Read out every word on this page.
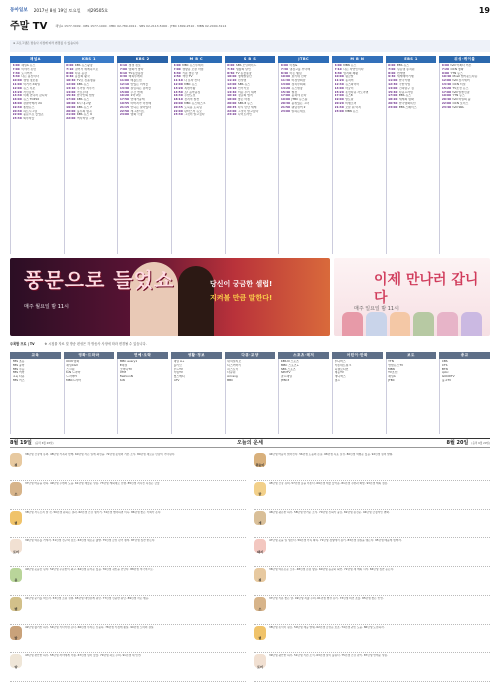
동아일보 2017년 8월 19일 토요일 제29505호	19
주말 TV	채널A 1577-3009 · KBS 1577-1000 · MBC 02-789-0011 · SBS 02-2113-5000 · JTBC 1899-2510 · MBN 02-2000-3114
※ 프로그램은 방송사 사정에 따라 변경될 수 있습니다.
채널A
6:00 채널A 뉴스
7:00 이야기 휴먼
7:30 도시어부
8:40 나는 몸신이다
10:00 생생 정보통
11:00 먹거리 X파일
12:00 뉴스 특보
13:20 서민갑부
14:40 이제 만나러 갑니다
16:00 뉴스 TOP10
18:00 관찰카메라 24
19:40 종합뉴스
20:40 하트시그널
22:00 풍문으로 들었쇼
23:30 외부자들
KBS 1
6:00 KBS 뉴스광장
7:10 걸어서 세계속으로
8:00 다큐 공감
9:40 동물의 왕국
10:40 TV쇼 진품명품
12:00 KBS 뉴스
13:10 우리말 겨루기
14:00 가요무대
15:40 한국인의 밥상
17:00 KBS 뉴스
18:00 6시 내고향
19:00 KBS 뉴스 7
20:00 불후의 명곡
21:00 KBS 뉴스 9
22:00 역사저널 그날
KBS 2
6:10 생생 정보
7:00 영화가 좋다
8:10 TV동물농장
9:30 해피투게더
11:00 배틀트립
12:10 맛있는 녀석들
13:30 살림하는 남자들
15:00 주간 연예
16:20 1박 2일
17:50 연예가중계
19:55 아버지가 이상해
21:15 언니는 살아있다
22:50 개그콘서트
24:00 영화 극장
M B C
6:00 MBC 뉴스투데이
7:00 생방송 오늘 아침
8:30 기분 좋은 날
9:50 섹션 TV
11:10 나 혼자 산다
12:00 MBC 뉴스
13:20 복면가왕
14:50 쇼! 음악중심
16:30 무한도전
18:10 전지적 참견
20:00 MBC 뉴스데스크
20:45 도둑놈 도둑님
22:00 판타스틱 듀오
23:30 그것이 알고싶다
S B S
6:00 SBS 모닝와이드
7:30 생활의 달인
8:50 TV 동물농장
10:00 영재발굴단
11:20 런닝맨
12:00 SBS 뉴스
13:10 인기가요
14:40 미운 우리 새끼
16:10 정글의 법칙
18:00 좋은 아침
20:00 SBS 8 뉴스
20:45 다시 만난 세계
22:00 그것이 알고싶다
23:20 나이트라인
JTBC
6:00 아침&
7:30 냉장고를 부탁해
8:40 아는 형님
10:00 효리네 민박
11:30 비정상회담
13:00 정치부회의
14:20 뉴스현장
15:40 썰전
17:00 뭉쳐야 뜬다
19:00 JTBC 뉴스룸
20:30 품위있는 그녀
21:50 팬텀싱어 2
23:00 말하는대로
M B N
6:00 MBN 뉴스
7:10 나는 자연인이다
8:30 엄지의 제왕
10:00 황금알
11:20 동치미
12:40 뉴스파이터
14:00 아궁이
15:20 휴먼다큐 사노라면
17:00 뉴스8
19:00 알토란
20:20 비행소녀
21:40 오늘 뭐 먹지
23:00 MBN 뉴스
EBS 1
6:00 EBS 뉴스
7:00 딩동댕 유치원
8:00 번개맨
9:30 세계테마기행
11:00 한국기행
12:30 극한직업
14:00 건축탐구 집
15:40 다큐프라임
17:00 EBS 뉴스
18:20 세계의 명화
20:50 한국영화특선
23:00 EBS 스페이스
위성·케이블
6:00 tvN 어쩌다 어른
7:20 OCN 영화
9:00 YTN 뉴스
10:40 Mnet 엠카운트다운
12:00 tvN 삼시세끼
13:40 OCN 터널
15:20 TV조선 뉴스
17:00 tvN 알쓸신잡
19:00 YTN 뉴스
20:40 tvN 비밀의 숲
22:00 OCN 보이스
23:40 tvN SNL
풍문으로 들었쇼
매주 월요일 밤 11시
당신이 궁금한 셀럽!
지켜볼 만큼 말한다!
이제 만나러 갑니다
매주 일요일 밤 11시
주목할 프로 | TV	※ 시청률 자료 및 방송 편성은 각 방송사 사정에 따라 변경될 수 있습니다.
교육
EBS 초등
EBS 중학
EBS 수능
EBS 어학
교육 다큐
EBS 키즈
영화·드라마
OCN 영화
채널CGV
스크린
tvN 드라마
드라마H
MBC드라마
연예·오락
MBC every1
E채널
코미디TV
XTM
FashionN
tvN
생활·정보
채널 A+
올리브
푸드TV
리빙TV
헬스메디
GTV
다큐·교양
내셔널지오
디스커버리
히스토리
다큐원
Arirang
BBC
스포츠·레저
KBS N 스포츠
MBC 스포츠+
SBS 스포츠
SPOTV
골프채널
JTBC3
어린이·만화
투니버스
카툰네트워크
니켈로디언
재능TV
애니맥스
챔프
보도
YTN
연합뉴스TV
MBN
TV조선
채널A
JTBC
종교
CBS
CTS
BTN
cpbc
GOODTV
불교TV
8월 19일 (음력 6월 28일)	오늘의 운세	8월 20일 (음력 6월 29일)
쥐
36년생 건강에 유의. 48년생 가족과 함께. 60년생 작은 일에 최선을. 72년생 뜻밖의 기쁜 소식. 84년생 새로운 만남이 기다린다.
소
37년생 마음을 편히. 49년생 주변의 도움. 61년생 재물운 상승. 73년생 계획대로 진행. 85년생 지나친 욕심은 금물.
범
38년생 서두르지 말 것. 50년생 원하는 결과. 62년생 건강 챙기기. 74년생 협력하면 이득. 86년생 좋은 기회가 온다.
토끼
39년생 여유를 가져라. 51년생 친구와 담소. 63년생 새로운 출발. 75년생 금전 관리 철저. 87년생 칭찬 받는다.
용
40년생 웃음꽃 핀다. 52년생 꾸준함이 최고. 64년생 문서운 있음. 76년생 귀인을 만난다. 88년생 적극적으로.
뱀
41년생 순리를 따르라. 53년생 소원 성취. 65년생 대인관계 원만. 77년생 신중한 판단. 89년생 작은 행운.
말
42년생 활기찬 하루. 54년생 기다리면 온다. 66년생 투자는 신중히. 78년생 가정에 충실. 90년생 노력의 결실.
양
43년생 편안한 하루. 55년생 자녀에게 기쁨. 67년생 일이 술술. 79년생 과로 주의. 91년생 새 인연.
원숭이
44년생 마음이 밝아진다. 56년생 도움의 손길. 68년생 목표 달성. 80년생 여행운 있음. 92년생 실력 발휘.
닭
45년생 건강 유의. 57년생 뜻을 이룬다. 69년생 재물 들어옴. 81년생 주변과 화합. 93년생 계획 점검.
개
46년생 평온한 하루. 58년생 반가운 소식. 70년생 신뢰가 중요. 82년생 승진운. 94년생 긍정적인 변화.
돼지
47년생 웃을 일 생긴다. 59년생 가족 화목. 71년생 경쟁에서 승리. 83년생 결실을 맺는다. 95년생 배움에 힘써라.
쥐
36년생 여유로운 오후. 48년생 손님 방문. 60년생 꼼꼼히 확인. 72년생 새 계획 시작. 84년생 칭찬 듣는다.
소
37년생 기분 좋은 날. 49년생 지출 주의. 61년생 협상 유리. 73년생 의견 조율. 85년생 좋은 인연.
범
38년생 휴식이 필요. 50년생 재능 발휘. 62년생 금전운 호조. 74년생 귀인 도움. 86년생 도전하라.
토끼
39년생 평안한 하루. 51년생 기쁜 소식. 63년생 일이 풀린다. 75년생 건강 관리. 87년생 연애운 상승.
